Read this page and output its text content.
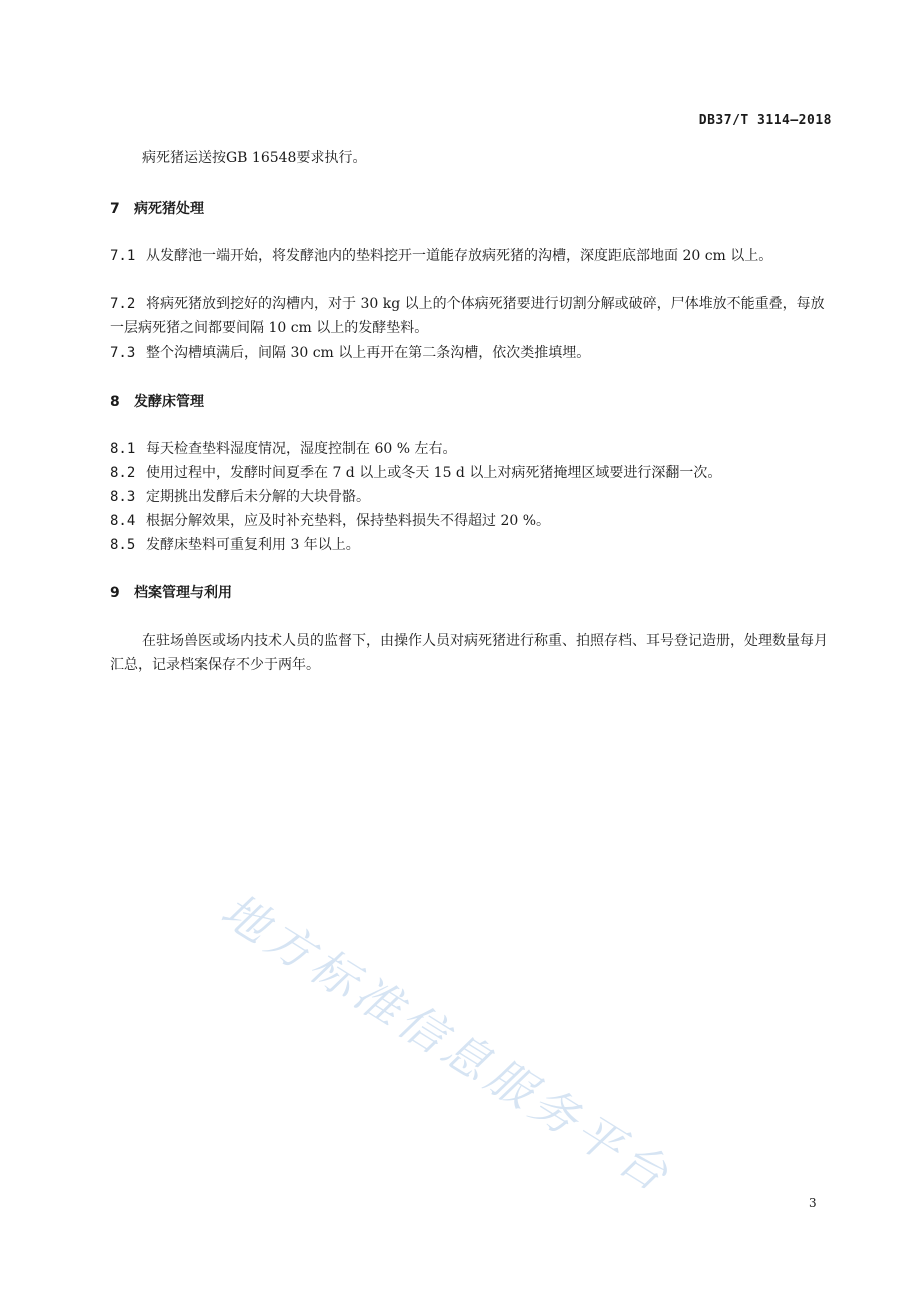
DB37/T 3114—2018
病死猪运送按GB 16548要求执行。
7 病死猪处理
7.1 从发酵池一端开始，将发酵池内的垫料挖开一道能存放病死猪的沟槽，深度距底部地面 20 cm 以上。
7.2 将病死猪放到挖好的沟槽内，对于 30 kg 以上的个体病死猪要进行切割分解或破碎，尸体堆放不能重叠，每放一层病死猪之间都要间隔 10 cm 以上的发酵垫料。
7.3 整个沟槽填满后，间隔 30 cm 以上再开在第二条沟槽，依次类推填埋。
8 发酵床管理
8.1 每天检查垫料湿度情况，湿度控制在 60 % 左右。
8.2 使用过程中，发酵时间夏季在 7 d 以上或冬天 15 d 以上对病死猪掩埋区域要进行深翻一次。
8.3 定期挑出发酵后未分解的大块骨骼。
8.4 根据分解效果，应及时补充垫料，保持垫料损失不得超过 20 %。
8.5 发酵床垫料可重复利用 3 年以上。
9 档案管理与利用
在驻场兽医或场内技术人员的监督下，由操作人员对病死猪进行称重、拍照存档、耳号登记造册，处理数量每月汇总，记录档案保存不少于两年。
地方标准信息服务平台	3
